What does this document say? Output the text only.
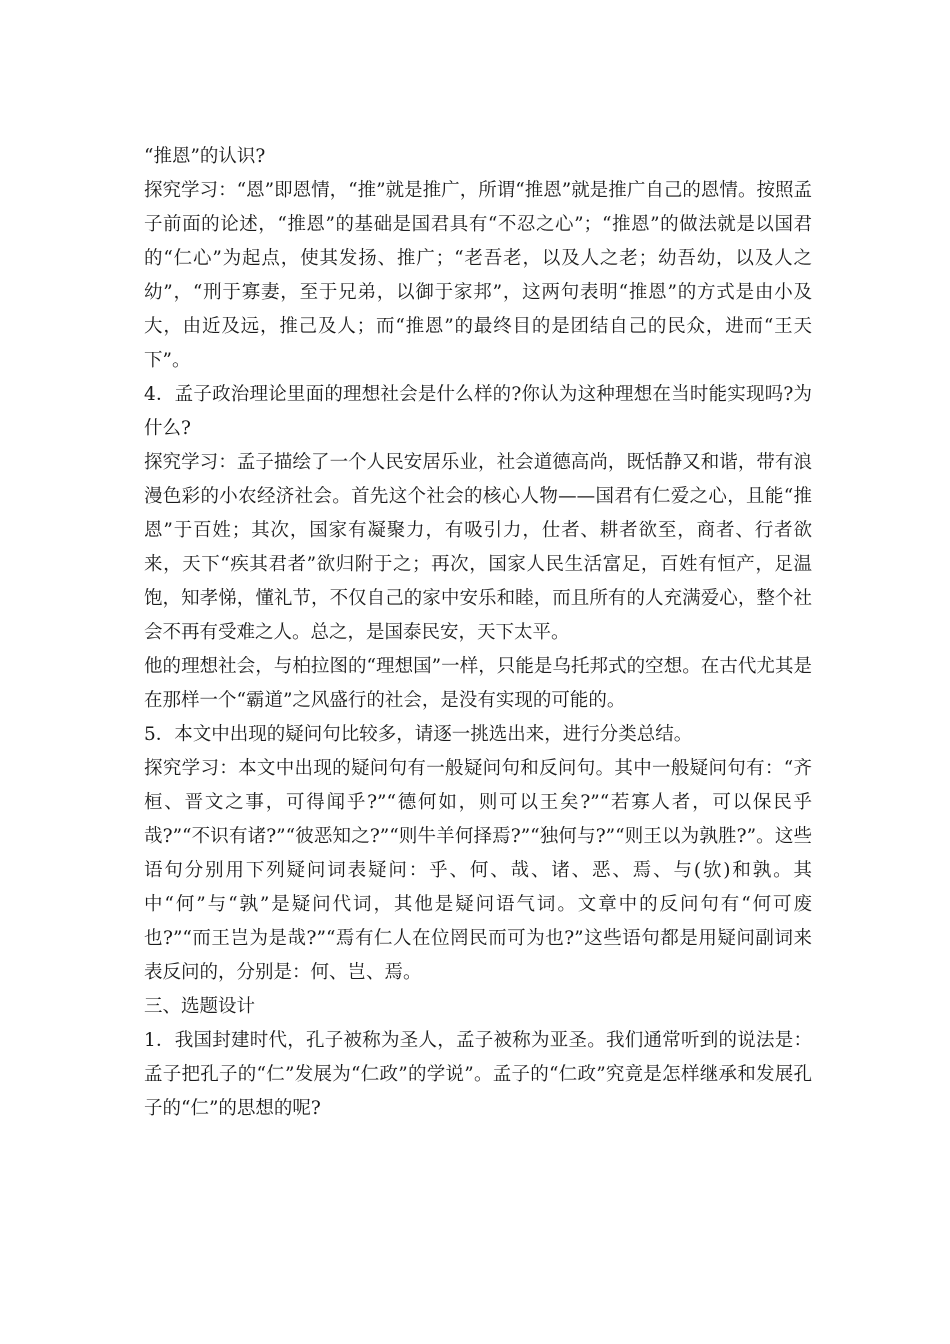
“推恩”的认识?

探究学习：“恩”即恩情，“推”就是推广，所谓“推恩”就是推广自己的恩情。按照孟子前面的论述，“推恩”的基础是国君具有“不忍之心”；“推恩”的做法就是以国君的“仁心”为起点，使其发扬、推广；“老吾老，以及人之老；幼吾幼，以及人之幼”，“刑于寡妻，至于兄弟，以御于家邦”，这两句表明“推恩”的方式是由小及大，由近及远，推己及人；而“推恩”的最终目的是团结自己的民众，进而“王天下”。

4．孟子政治理论里面的理想社会是什么样的?你认为这种理想在当时能实现吗?为什么?

探究学习：孟子描绘了一个人民安居乐业，社会道德高尚，既恬静又和谐，带有浪漫色彩的小农经济社会。首先这个社会的核心人物——国君有仁爱之心，且能“推恩”于百姓；其次，国家有凝聚力，有吸引力，仕者、耕者欲至，商者、行者欲来，天下“疾其君者”欲归附于之；再次，国家人民生活富足，百姓有恒产，足温饱，知孝悌，懂礼节，不仅自己的家中安乐和睦，而且所有的人充满爱心，整个社会不再有受难之人。总之，是国泰民安，天下太平。

他的理想社会，与柏拉图的“理想国”一样，只能是乌托邦式的空想。在古代尤其是在那样一个“霸道”之风盛行的社会，是没有实现的可能的。

5．本文中出现的疑问句比较多，请逐一挑选出来，进行分类总结。

探究学习：本文中出现的疑问句有一般疑问句和反问句。其中一般疑问句有：“齐桓、晋文之事，可得闻乎?”“德何如，则可以王矣?”“若寡人者，可以保民乎哉?”“不识有诸?”“彼恶知之?”“则牛羊何择焉?”“独何与?”“则王以为孰胜?”。这些语句分别用下列疑问词表疑问：乎、何、哉、诸、恶、焉、与(欤)和孰。其中“何”与“孰”是疑问代词，其他是疑问语气词。文章中的反问句有“何可废也?”“而王岂为是哉?”“焉有仁人在位罔民而可为也?”这些语句都是用疑问副词来表反问的，分别是：何、岂、焉。

三、选题设计

1．我国封建时代，孔子被称为圣人，孟子被称为亚圣。我们通常听到的说法是：孟子把孔子的“仁”发展为“仁政”的学说”。孟子的“仁政”究竟是怎样继承和发展孔子的“仁”的思想的呢?
